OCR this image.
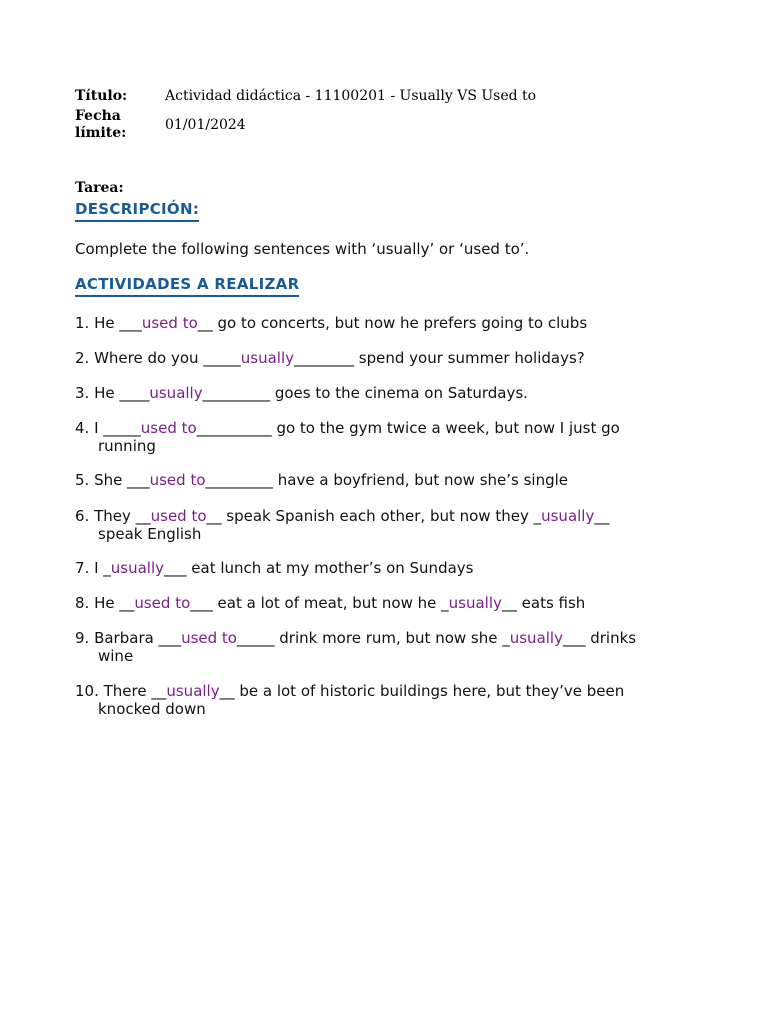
Título:	Actividad didáctica - 11100201 - Usually VS Used to
Fecha
límite:	01/01/2024
Tarea:
DESCRIPCIÓN:
Complete the following sentences with ‘usually’ or ‘used to’.
ACTIVIDADES A REALIZAR
1. He ___used to__ go to concerts, but now he prefers going to clubs
2. Where do you _____usually________ spend your summer holidays?
3. He ____usually_________ goes to the cinema on Saturdays.
4. I _____used to__________ go to the gym twice a week, but now I just go
running
5. She ___used to_________ have a boyfriend, but now she’s single
6. They __used to__ speak Spanish each other, but now they _usually__
speak English
7. I _usually___ eat lunch at my mother’s on Sundays
8. He __used to___ eat a lot of meat, but now he _usually__ eats fish
9. Barbara ___used to_____ drink more rum, but now she _usually___ drinks
wine
10. There __usually__ be a lot of historic buildings here, but they’ve been
knocked down
